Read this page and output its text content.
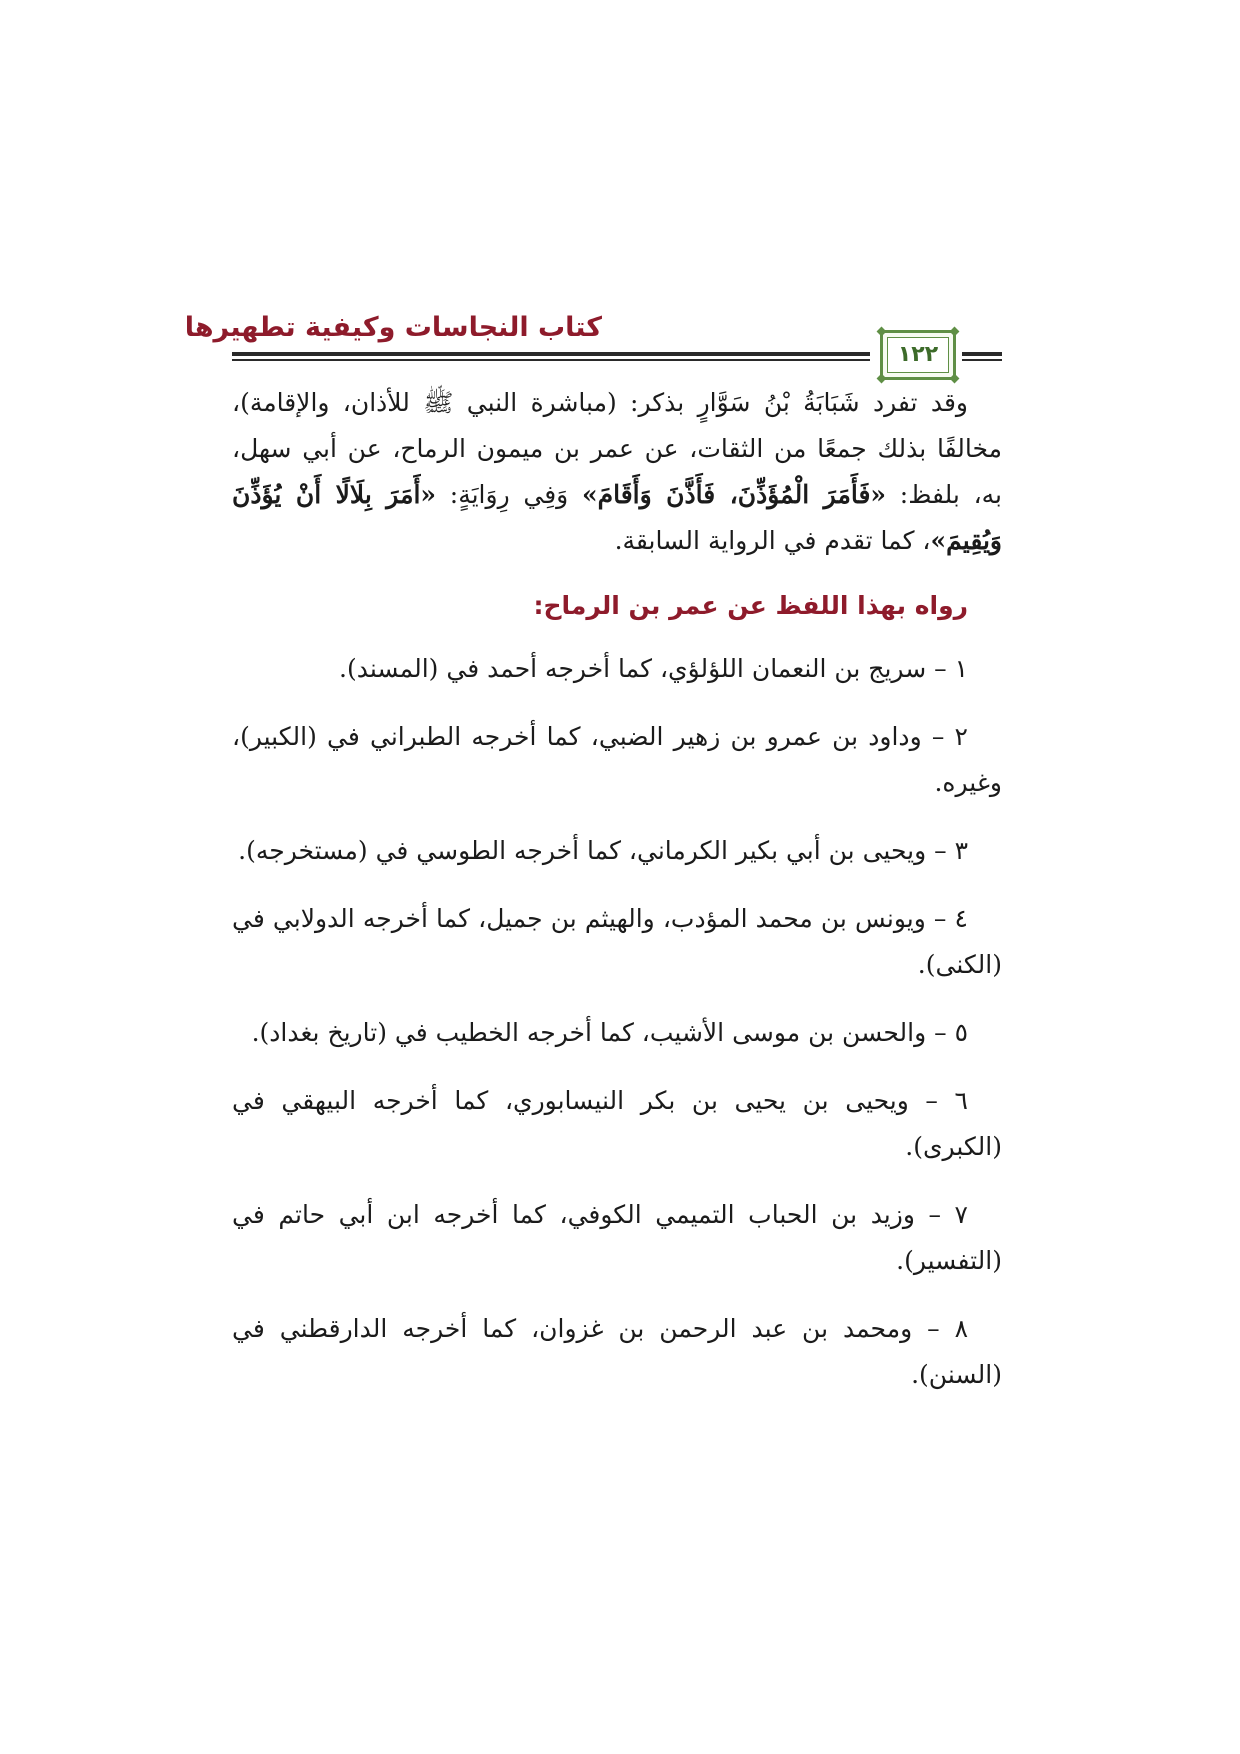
كتاب النجاسات وكيفية تطهيرها
١٢٢

وقد تفرد شَبَابَةُ بْنُ سَوَّارٍ بذكر: (مباشرة النبي ﷺ للأذان، والإقامة)، مخالفًا بذلك جمعًا من الثقات، عن عمر بن ميمون الرماح، عن أبي سهل، به، بلفظ: «فَأَمَرَ الْمُؤَذِّنَ، فَأَذَّنَ وَأَقَامَ» وَفِي رِوَايَةٍ: «أَمَرَ بِلَالًا أَنْ يُؤَذِّنَ وَيُقِيمَ»، كما تقدم في الرواية السابقة.

رواه بهذا اللفظ عن عمر بن الرماح:

١ – سريج بن النعمان اللؤلؤي، كما أخرجه أحمد في (المسند).

٢ – وداود بن عمرو بن زهير الضبي، كما أخرجه الطبراني في (الكبير)، وغيره.

٣ – ويحيى بن أبي بكير الكرماني، كما أخرجه الطوسي في (مستخرجه).

٤ – ويونس بن محمد المؤدب، والهيثم بن جميل، كما أخرجه الدولابي في (الكنى).

٥ – والحسن بن موسى الأشيب، كما أخرجه الخطيب في (تاريخ بغداد).

٦ – ويحيى بن يحيى بن بكر النيسابوري، كما أخرجه البيهقي في (الكبرى).

٧ – وزيد بن الحباب التميمي الكوفي، كما أخرجه ابن أبي حاتم في (التفسير).

٨ – ومحمد بن عبد الرحمن بن غزوان، كما أخرجه الدارقطني في (السنن).
